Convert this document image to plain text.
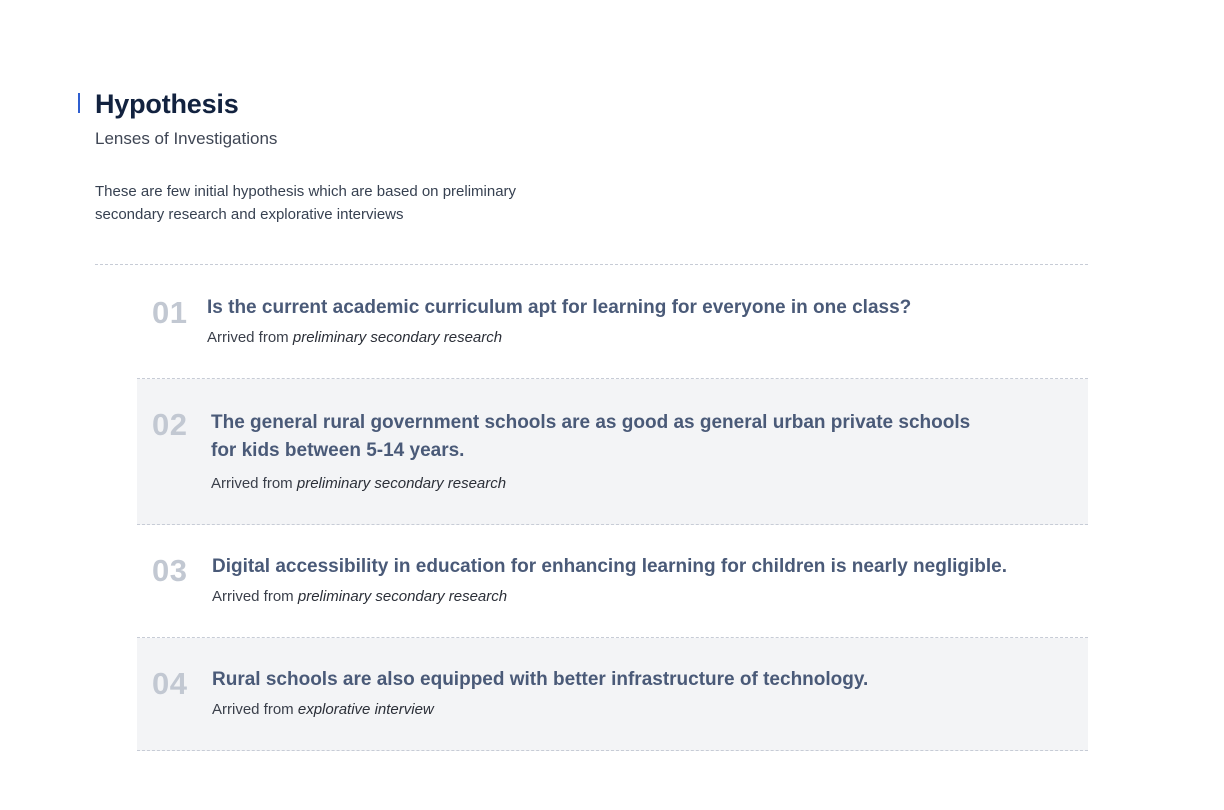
Hypothesis
Lenses of Investigations

These are few initial hypothesis which are based on preliminary secondary research and explorative interviews

01 Is the current academic curriculum apt for learning for everyone in one class?

Arrived from preliminary secondary research

02 The general rural government schools are as good as general urban private schools for kids between 5-14 years.

Arrived from preliminary secondary research

03 Digital accessibility in education for enhancing learning for children is nearly negligible.

Arrived from preliminary secondary research

04 Rural schools are also equipped with better infrastructure of technology.

Arrived from explorative interview
